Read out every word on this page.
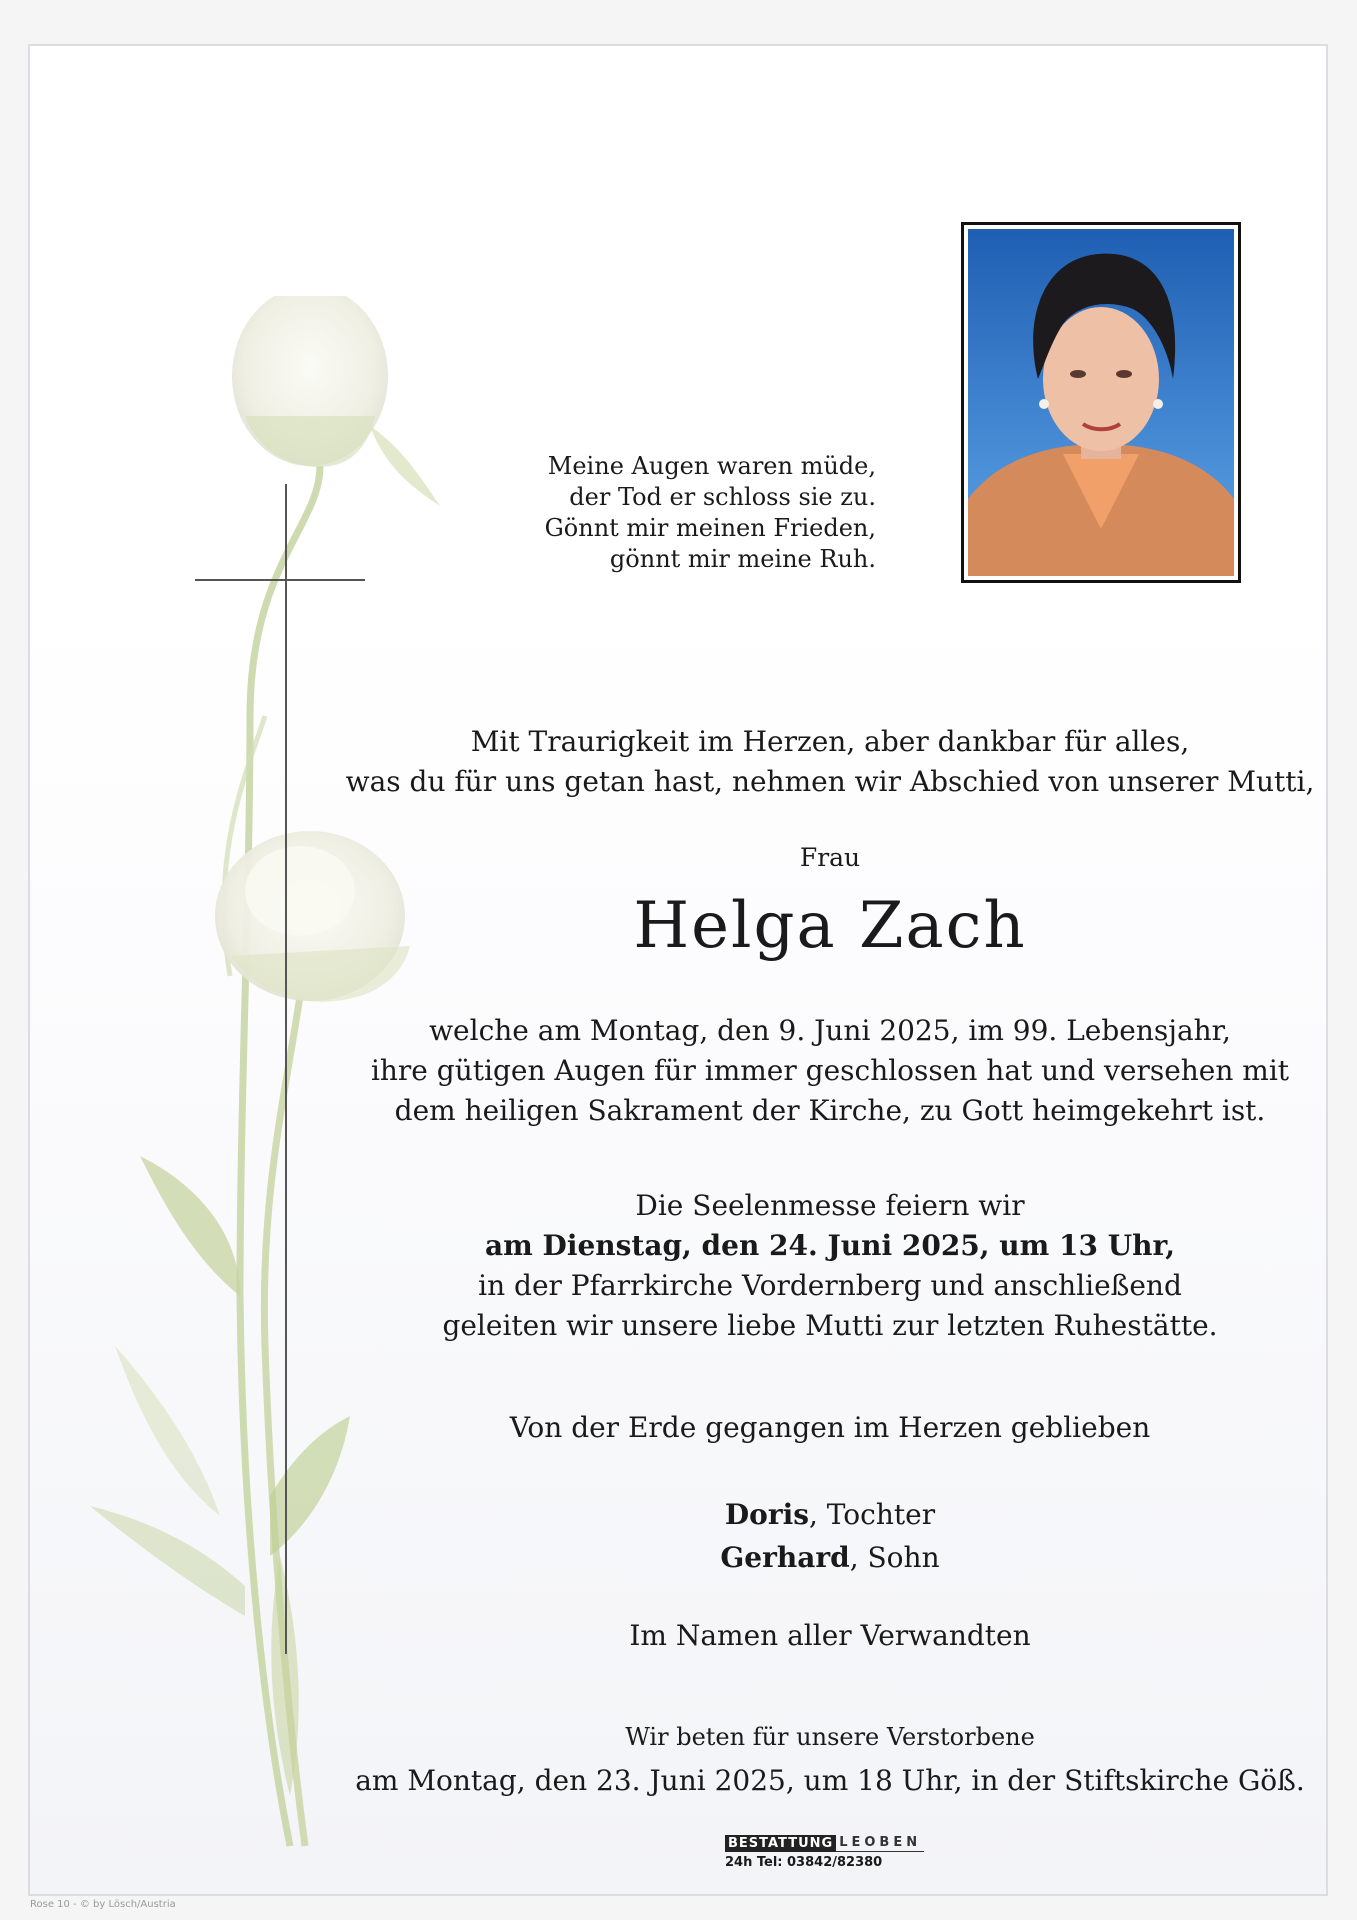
Meine Augen waren müde,
der Tod er schloss sie zu.
Gönnt mir meinen Frieden,
gönnt mir meine Ruh.
Mit Traurigkeit im Herzen, aber dankbar für alles,
was du für uns getan hast, nehmen wir Abschied von unserer Mutti,
Frau
Helga Zach
welche am Montag, den 9. Juni 2025, im 99. Lebensjahr,
ihre gütigen Augen für immer geschlossen hat und versehen mit
dem heiligen Sakrament der Kirche, zu Gott heimgekehrt ist.
Die Seelenmesse feiern wir
am Dienstag, den 24. Juni 2025, um 13 Uhr,
in der Pfarrkirche Vordernberg und anschließend
geleiten wir unsere liebe Mutti zur letzten Ruhestätte.
Von der Erde gegangen im Herzen geblieben
Doris, Tochter
Gerhard, Sohn
Im Namen aller Verwandten
Wir beten für unsere Verstorbene
am Montag, den 23. Juni 2025, um 18 Uhr, in der Stiftskirche Göß.
BESTATTUNG LEOBEN
24h Tel: 03842/82380
Rose 10 - © by Lösch/Austria
